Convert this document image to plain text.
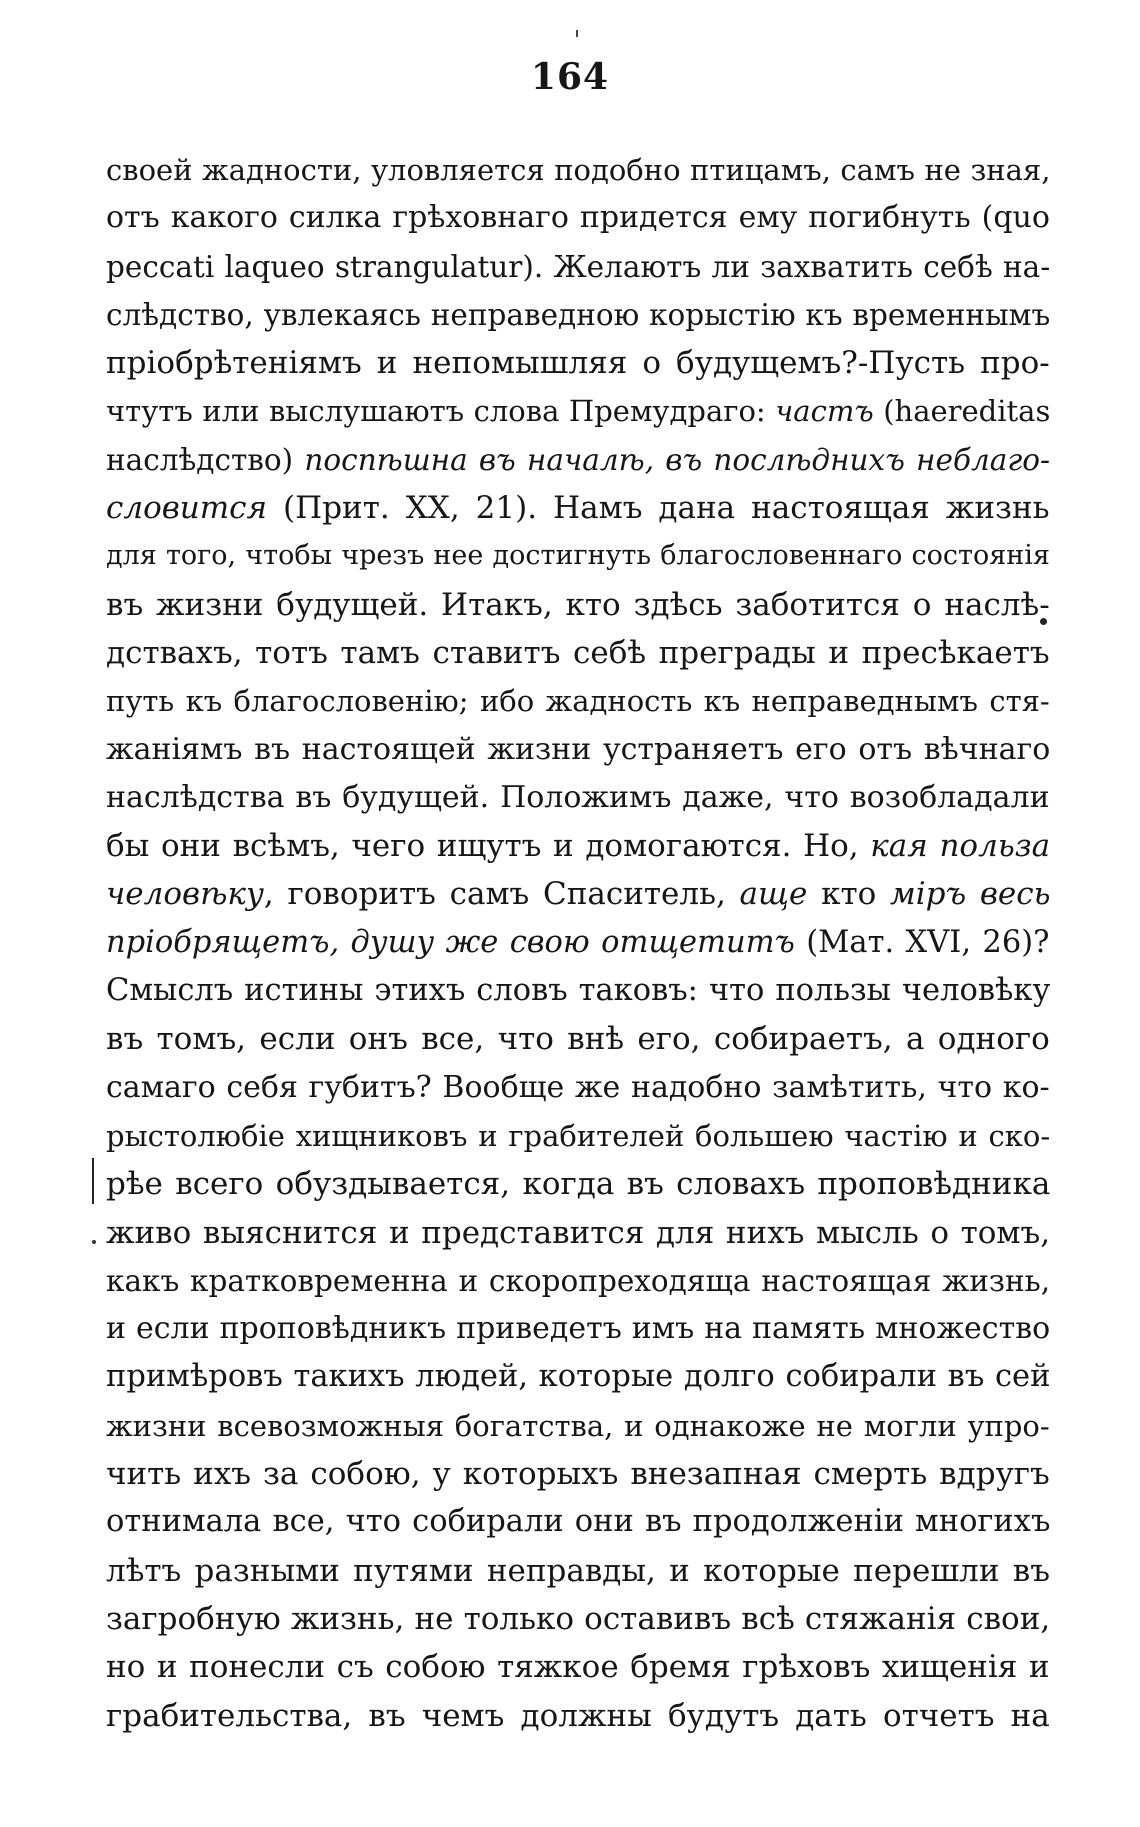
164
своей жадности, уловляется подобно птицамъ, самъ не зная,
отъ какого силка грѣховнаго придется ему погибнуть (quo
peccati laqueo strangulatur). Желаютъ ли захватить себѣ на-
слѣдство, увлекаясь неправедною корыстію къ временнымъ
пріобрѣтеніямъ и непомышляя о будущемъ?-Пусть про-
чтутъ или выслушаютъ слова Премудраго: частъ (haereditas
наслѣдство) поспѣшна въ началѣ, въ послѣднихъ неблаго-
словится (Прит. XX, 21). Намъ дана настоящая жизнь
для того, чтобы чрезъ нее достигнуть благословеннаго состоянія
въ жизни будущей. Итакъ, кто здѣсь заботится о наслѣ-
дствахъ, тотъ тамъ ставитъ себѣ преграды и пресѣкаетъ
путь къ благословенію; ибо жадность къ неправеднымъ стя-
жаніямъ въ настоящей жизни устраняетъ его отъ вѣчнаго
наслѣдства въ будущей. Положимъ даже, что возобладали
бы они всѣмъ, чего ищутъ и домогаются. Но, кая польза
человѣку, говоритъ самъ Спаситель, аще кто міръ весь
пріобрящетъ, душу же свою отщетитъ (Мат. XVI, 26)?
Смыслъ истины этихъ словъ таковъ: что пользы человѣку
въ томъ, если онъ все, что внѣ его, собираетъ, а одного
самаго себя губитъ? Вообще же надобно замѣтить, что ко-
рыстолюбіе хищниковъ и грабителей большею частію и ско-
рѣе всего обуздывается, когда въ словахъ проповѣдника
живо выяснится и представится для нихъ мысль о томъ,
какъ кратковременна и скоропреходяща настоящая жизнь,
и если проповѣдникъ приведетъ имъ на память множество
примѣровъ такихъ людей, которые долго собирали въ сей
жизни всевозможныя богатства, и однакоже не могли упро-
чить ихъ за собою, у которыхъ внезапная смерть вдругъ
отнимала все, что собирали они въ продолженіи многихъ
лѣтъ разными путями неправды, и которые перешли въ
загробную жизнь, не только оставивъ всѣ стяжанія свои,
но и понесли съ собою тяжкое бремя грѣховъ хищенія и
грабительства, въ чемъ должны будутъ дать отчетъ на
